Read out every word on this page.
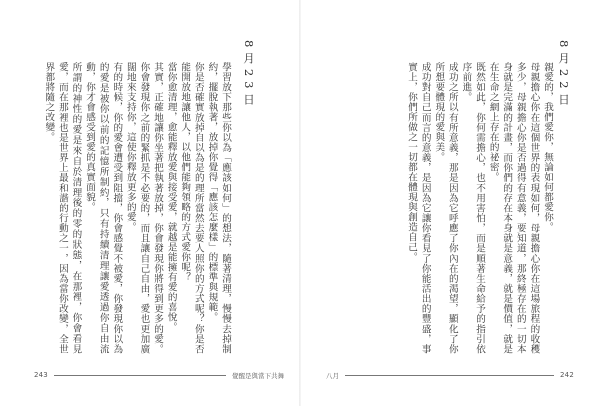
8月23日

學習放下那些你以為「應該如何」的想法，隨著清理，慢慢去掉制約，擺脫執著，放掉你覺得「應該怎麼樣」的標準與規範。

你是否確實放掉自以為是的理所當然去要人照你的方式呢？你是否能開放地讓他人，以他們能夠領略的方式愛你呢？

當你愈清理，愈能釋放愛與接受愛，就越是能擁有愛的喜悅。

其實，正確地讓你坐著把執著放掉，你會發現你將得到更多的愛。你會發現你之前的緊抓是不必要的，而且讓自己自由，愛也更加廣闊地來支持你，這使你釋放更多的愛。

有的時候，你的愛會遭受到阻擋，你會感覺不被愛，你發現你以為的愛是被你以前的記憶所制約，只有持續清理讓愛透過你自由流動，你才會感受到愛的真實面貌。

所謂的神性的愛是來自於清理後的零的狀態，在那裡，你會看見愛，而在那裡也是世界上最和諧的行動之一，因為當你改變，全世界都將隨之改變。

243	覺醒是與當下共舞
8月22日

親愛的，我們愛你，無論如何都愛你。

母親擔心你在這個世界的表現如何，母親擔心你在這場旅程的收穫多少，母親擔心你是否過得有意義，要知道，那終極存在的一切本身就是完滿的計畫，而你們的存在本身就是意義，就是價值，就是在生命之網上存在的祕密。

既然如此，你何需擔心，也不用害怕，而是順著生命給予的指引依序前進。

成功之所以有所意義，那是因為它呼應了你內在的渴望，顯化了你所想要體現的愛與美。

成功對自己而言的意義，是因為它讓你看見了你能活出的豐盛，事實上，你們所做之一切都在體現與創造自己。

八月	242
